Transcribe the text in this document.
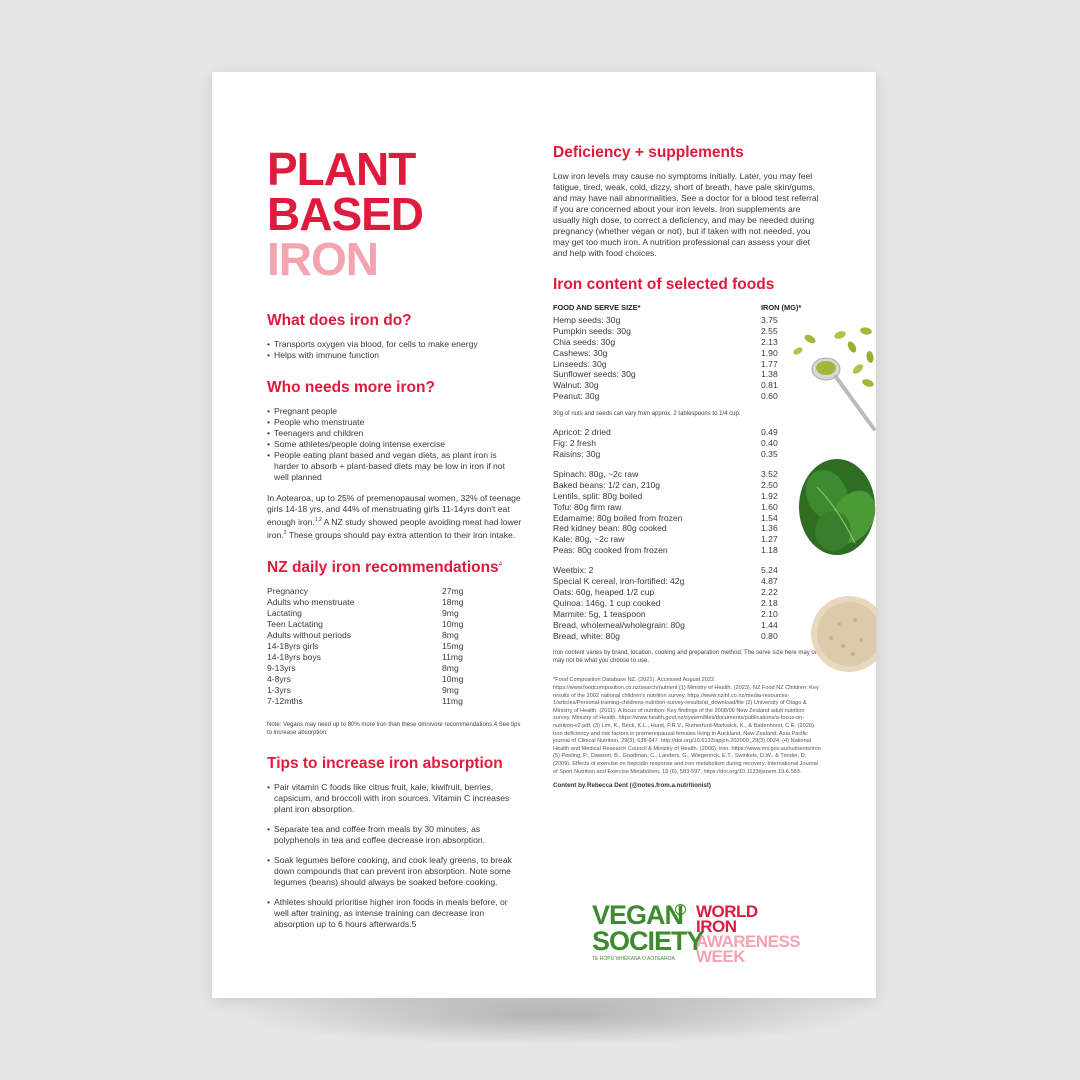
PLANT
BASED
IRON
What does iron do?
• Transports oxygen via blood, for cells to make energy
• Helps with immune function
Who needs more iron?
• Pregnant people
• People who menstruate
• Teenagers and children
• Some athletes/people doing intense exercise
• People eating plant based and vegan diets, as plant iron is harder to absorb + plant-based diets may be low in iron if not well planned

In Aotearoa, up to 25% of premenopausal women, 32% of teenage girls 14-18 yrs, and 44% of menstruating girls 11-14yrs don't eat enough iron.$^{1,2}$ A NZ study showed people avoiding meat had lower iron.$^3$ These groups should pay extra attention to their iron intake.

NZ daily iron recommendations$^4$
Pregnancy	27mg
Adults who menstruate	18mg
Lactating	9mg
Teen Lactating	10mg
Adults without periods	8mg
14-18yrs girls	15mg
14-18yrs boys	11mg
9-13yrs	8mg
4-8yrs	10mg
1-3yrs	9mg
7-12mths	11mg

Note: Vegans may need up to 80% more iron than these omnivore recommendations.4 See tips to increase absorption.

Tips to increase iron absorption
• Pair vitamin C foods like citrus fruit, kale, kiwifruit, berries, capsicum, and broccoli with iron sources. Vitamin C increases plant iron absorption.
• Separate tea and coffee from meals by 30 minutes, as polyphenols in tea and coffee decrease iron absorption.
• Soak legumes before cooking, and cook leafy greens, to break down compounds that can prevent iron absorption. Note some legumes (beans) should always be soaked before cooking.
• Athletes should prioritise higher iron foods in meals before, or well after training, as intense training can decrease iron absorption up to 6 hours afterwards.5
Deficiency + supplements

Low iron levels may cause no symptoms initially. Later, you may feel fatigue, tired, weak, cold, dizzy, short of breath, have pale skin/gums, and may have nail abnormalities. See a doctor for a blood test referral if you are concerned about your iron levels. Iron supplements are usually high dose, to correct a deficiency, and may be needed during pregnancy (whether vegan or not), but if taken with not needed, you may get too much iron. A nutrition professional can assess your diet and help with food choices.

Iron content of selected foods
FOOD AND SERVE SIZE*	IRON (MG)*
Hemp seeds: 30g	3.75
Pumpkin seeds: 30g	2.55
Chia seeds: 30g	2.13
Cashews: 30g	1.90
Linseeds: 30g	1.77
Sunflower seeds: 30g	1.38
Walnut: 30g	0.81
Peanut: 30g	0.60
30g of nuts and seeds can vary from approx. 2 tablespoons to 1/4 cup.	

Apricot: 2 dried	0.49
Fig: 2 fresh	0.40
Raisins: 30g	0.35

Spinach: 80g, ~2c raw	3.52
Baked beans: 1/2 can, 210g	2.50
Lentils, split: 80g boiled	1.92
Tofu: 80g firm raw	1.60
Edamame: 80g boiled from frozen	1.54
Red kidney bean: 80g cooked	1.36
Kale: 80g, ~2c raw	1.27
Peas: 80g cooked from frozen	1.18

Weetbix: 2	5.24
Special K cereal, iron-fortified: 42g	4.87
Oats: 60g, heaped 1/2 cup	2.22
Quinoa: 146g, 1 cup cooked	2.18
Marmite: 5g, 1 teaspoon	2.10
Bread, wholemeal/wholegrain: 80g	1.44
Bread, white: 80g	0.80

Iron content varies by brand, location, cooking and preparation method. The serve size here may or may not be what you choose to use.

*Food Composition Database NZ. (2021). Accessed August 2022. https://www.foodcomposition.co.nz/search/nutrient (1) Ministry of Health. (2023). NZ Food NZ Children: Key results of the 2002 national children's nutrition survey. https://www.nzihf.co.nz/media-resources-1/articles/Personal-training-childrens-nutrition-survey-results/at_download/file (2) University of Otago & Ministry of Health. (2011). A focus of nutrition: Key findings of the 2008/09 New Zealand adult nutrition survey. Ministry of Health. https://www.health.govt.nz/system/files/documents/publications/a-focus-on-nutrition-v2.pdf. (3) Lim, K., Beck, K.L., Hurst, P.R.V., Rutherfurd-Markwick, K., & Badenhorst, C.E. (2020). Iron deficiency and risk factors in premenopausal females living in Auckland, New Zealand. Asia Pacific journal of Clinical Nutrition, 29(3), 638-647. http://doi.org/10.6133/apjcn.202009_29(3).0024. (4) National Health and Medical Research Council & Ministry of Health. (2006). iron. https://www.nrv.gov.au/nutrients/iron (5) Peeling, P., Dawson, B., Goodman, C., Landers, G., Wiegerinck, E.T., Swinkels, D.W., & Trinder, D. (2009). Effects of exercise on hepcidin response and iron metabolism during recovery. International Journal of Sport Nutrition and Exercise Metabolism, 19 (6), 583-597. https://doi.org/10.1123/ijsnem.19.6.583.

Content by Rebecca Dent (@notes.from.a.nutritionist)

VEGAN
SOCIETY
TE RŌPŪ WHĒKANA O AOTEAROA
WORLD
IRON
AWARENESS
WEEK
